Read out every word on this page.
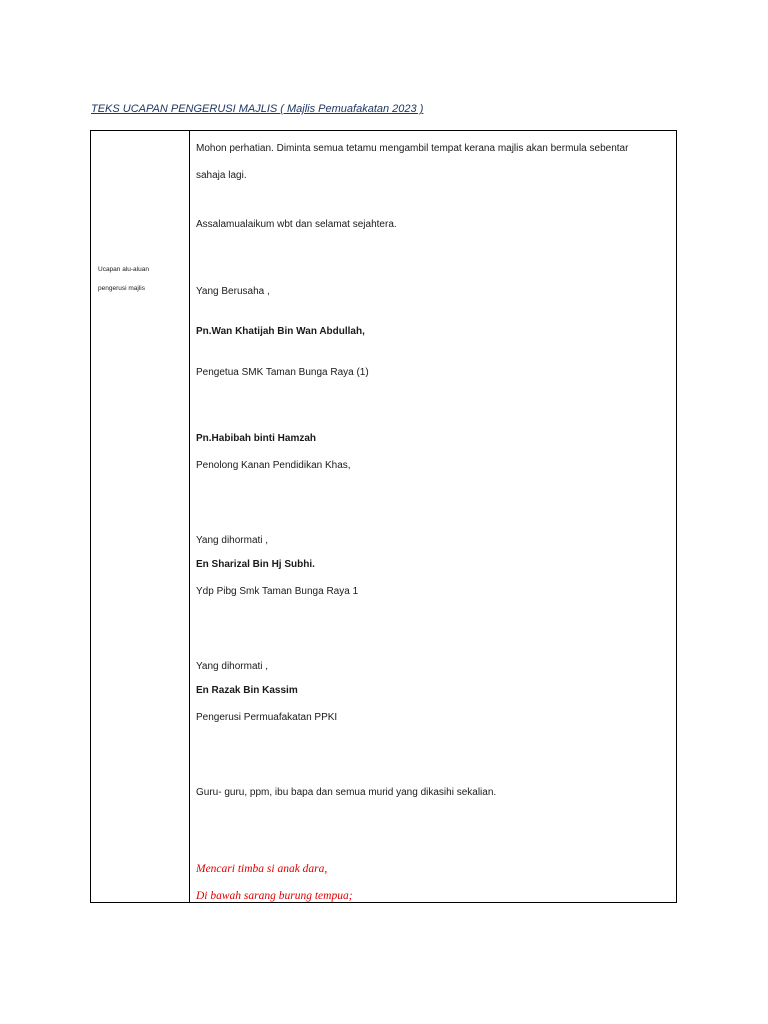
TEKS UCAPAN PENGERUSI MAJLIS ( Majlis Pemuafakatan 2023 )
Ucapan alu-aluan
pengerusi majlis
Mohon perhatian. Diminta semua tetamu mengambil tempat kerana majlis akan bermula sebentar
sahaja lagi.
Assalamualaikum wbt dan selamat sejahtera.
Yang Berusaha ,
Pn.Wan Khatijah Bin Wan Abdullah,
Pengetua SMK Taman Bunga Raya (1)
Pn.Habibah binti Hamzah
Penolong Kanan Pendidikan Khas,
Yang dihormati ,
En Sharizal Bin Hj Subhi.
Ydp Pibg Smk Taman Bunga Raya 1
Yang dihormati ,
En Razak Bin Kassim
Pengerusi Permuafakatan PPKI
Guru- guru, ppm, ibu bapa dan semua murid yang dikasihi sekalian.
Mencari timba si anak dara,
Di bawah sarang burung tempua;
